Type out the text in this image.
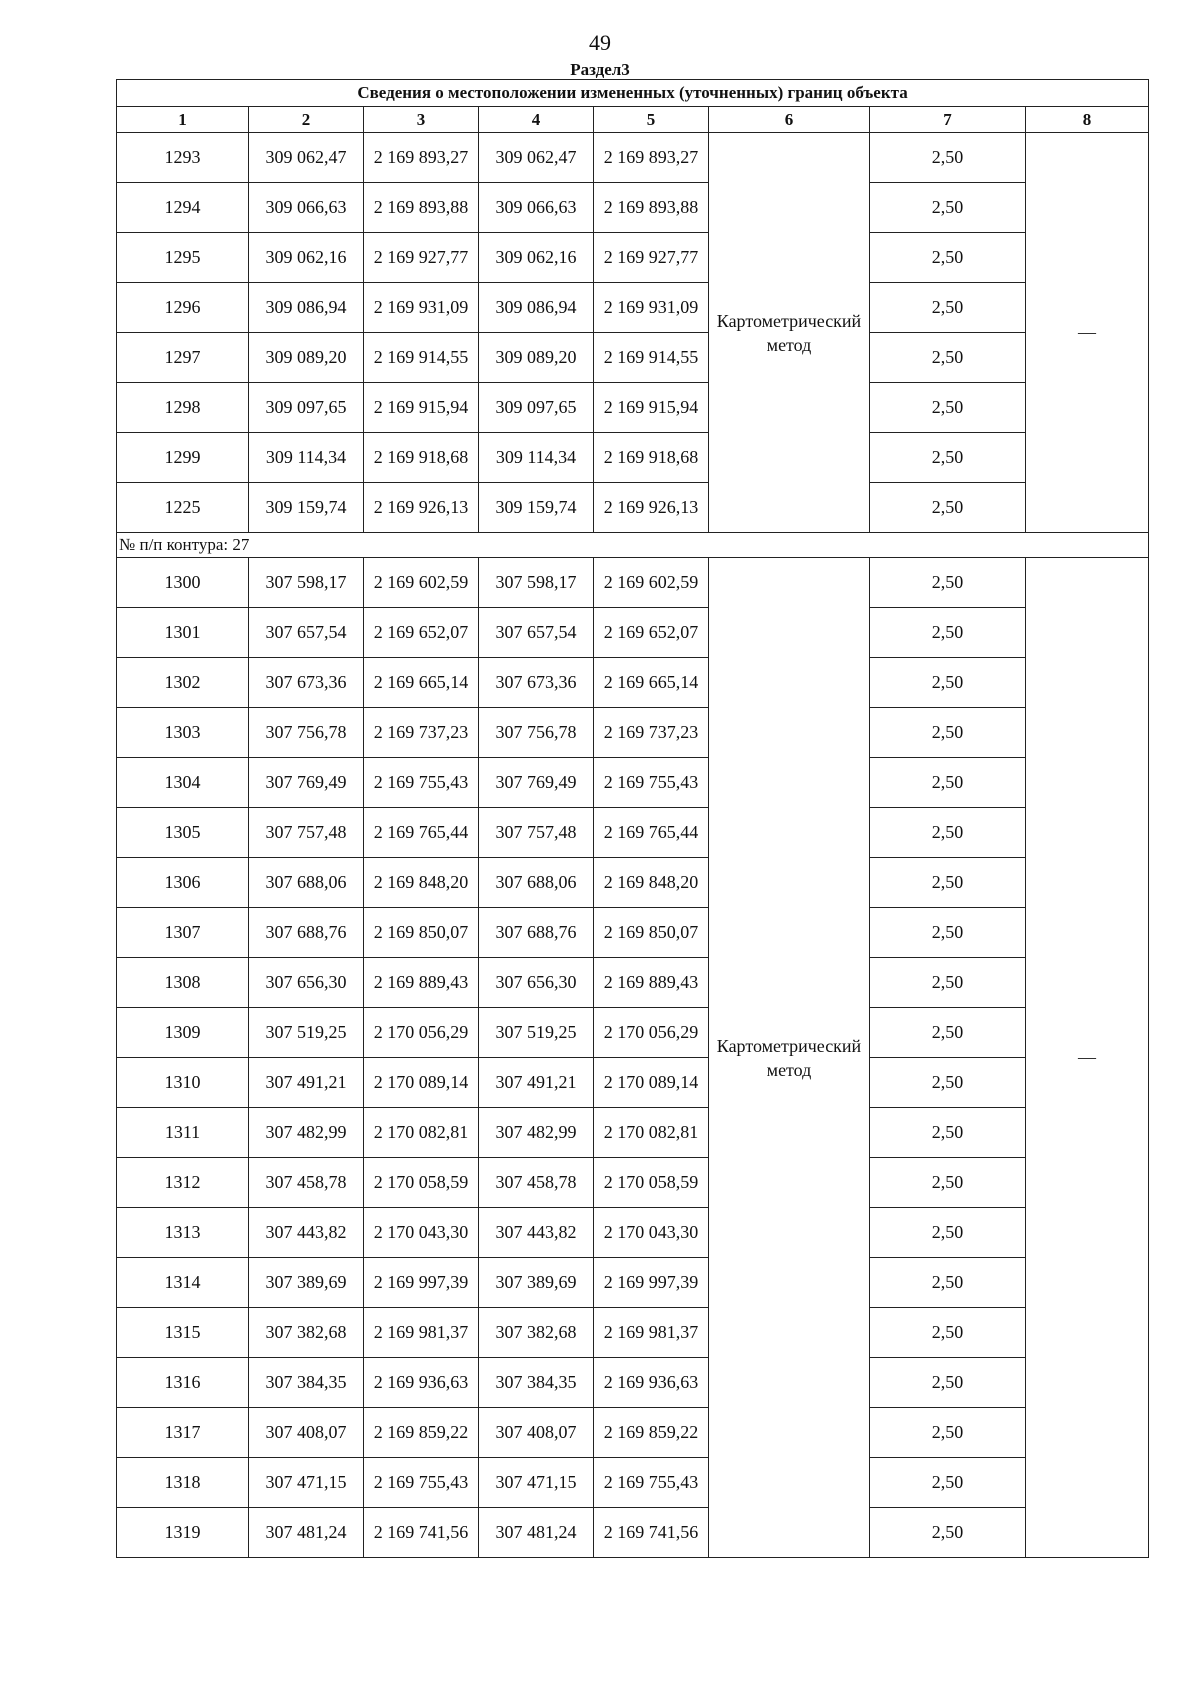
49
Раздел3
Сведения о местоположении измененных (уточненных) границ объекта							
1	2	3	4	5	6	7	8
1293	309 062,47	2 169 893,27	309 062,47	2 169 893,27	Картометрический метод	2,50	—
1294	309 066,63	2 169 893,88	309 066,63	2 169 893,88		2,50	
1295	309 062,16	2 169 927,77	309 062,16	2 169 927,77		2,50	
1296	309 086,94	2 169 931,09	309 086,94	2 169 931,09		2,50	
1297	309 089,20	2 169 914,55	309 089,20	2 169 914,55		2,50	
1298	309 097,65	2 169 915,94	309 097,65	2 169 915,94		2,50	
1299	309 114,34	2 169 918,68	309 114,34	2 169 918,68		2,50	
1225	309 159,74	2 169 926,13	309 159,74	2 169 926,13		2,50	
№ п/п контура: 27							
1300	307 598,17	2 169 602,59	307 598,17	2 169 602,59	Картометрический метод	2,50	—
1301	307 657,54	2 169 652,07	307 657,54	2 169 652,07		2,50	
1302	307 673,36	2 169 665,14	307 673,36	2 169 665,14		2,50	
1303	307 756,78	2 169 737,23	307 756,78	2 169 737,23		2,50	
1304	307 769,49	2 169 755,43	307 769,49	2 169 755,43		2,50	
1305	307 757,48	2 169 765,44	307 757,48	2 169 765,44		2,50	
1306	307 688,06	2 169 848,20	307 688,06	2 169 848,20		2,50	
1307	307 688,76	2 169 850,07	307 688,76	2 169 850,07		2,50	
1308	307 656,30	2 169 889,43	307 656,30	2 169 889,43		2,50	
1309	307 519,25	2 170 056,29	307 519,25	2 170 056,29		2,50	
1310	307 491,21	2 170 089,14	307 491,21	2 170 089,14		2,50	
1311	307 482,99	2 170 082,81	307 482,99	2 170 082,81		2,50	
1312	307 458,78	2 170 058,59	307 458,78	2 170 058,59		2,50	
1313	307 443,82	2 170 043,30	307 443,82	2 170 043,30		2,50	
1314	307 389,69	2 169 997,39	307 389,69	2 169 997,39		2,50	
1315	307 382,68	2 169 981,37	307 382,68	2 169 981,37		2,50	
1316	307 384,35	2 169 936,63	307 384,35	2 169 936,63		2,50	
1317	307 408,07	2 169 859,22	307 408,07	2 169 859,22		2,50	
1318	307 471,15	2 169 755,43	307 471,15	2 169 755,43		2,50	
1319	307 481,24	2 169 741,56	307 481,24	2 169 741,56		2,50	
